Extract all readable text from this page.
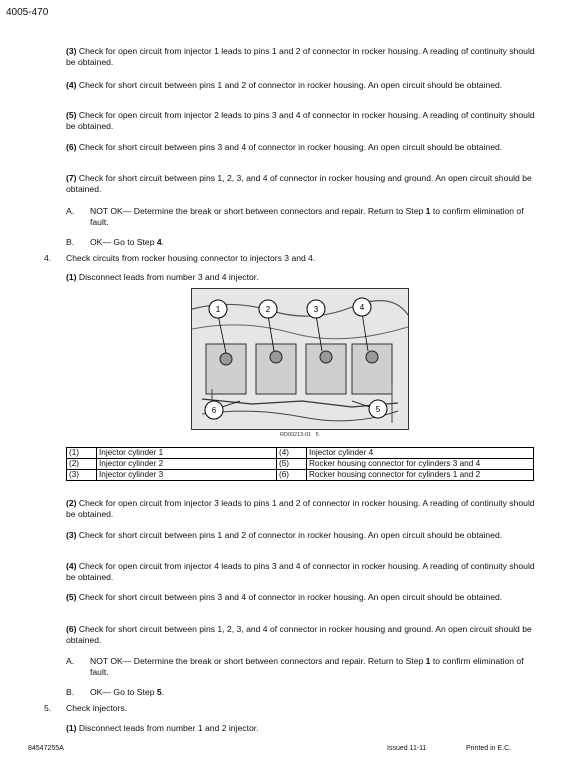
4005-470
(3) Check for open circuit from injector 1 leads to pins 1 and 2 of connector in rocker housing. A reading of continuity should be obtained.
(4) Check for short circuit between pins 1 and 2 of connector in rocker housing. An open circuit should be obtained.
(5) Check for open circuit from injector 2 leads to pins 3 and 4 of connector in rocker housing. A reading of continuity should be obtained.
(6) Check for short circuit between pins 3 and 4 of connector in rocker housing. An open circuit should be obtained.
(7) Check for short circuit between pins 1, 2, 3, and 4 of connector in rocker housing and ground. An open circuit should be obtained.
A. NOT OK— Determine the break or short between connectors and repair. Return to Step 1 to confirm elimination of fault.
B. OK— Go to Step 4.
4. Check circuits from rocker housing connector to injectors 3 and 4.
(1) Disconnect leads from number 3 and 4 injector.
1	2	3	4
5
6
RD00213-01 5
(1)	Injector cylinder 1	(4)	Injector cylinder 4
(2)	Injector cylinder 2	(5)	Rocker housing connector for cylinders 3 and 4
(3)	Injector cylinder 3	(6)	Rocker housing connector for cylinders 1 and 2
(2) Check for open circuit from injector 3 leads to pins 1 and 2 of connector in rocker housing. A reading of continuity should be obtained.
(3) Check for short circuit between pins 1 and 2 of connector in rocker housing. An open circuit should be obtained.
(4) Check for open circuit from injector 4 leads to pins 3 and 4 of connector in rocker housing. A reading of continuity should be obtained.
(5) Check for short circuit between pins 3 and 4 of connector in rocker housing. An open circuit should be obtained.
(6) Check for short circuit between pins 1, 2, 3, and 4 of connector in rocker housing and ground. An open circuit should be obtained.
A. NOT OK— Determine the break or short between connectors and repair. Return to Step 1 to confirm elimination of fault.
B. OK— Go to Step 5.
5. Check injectors.
(1) Disconnect leads from number 1 and 2 injector.
84547255A	Issued 11-11	Printed in E.C.
